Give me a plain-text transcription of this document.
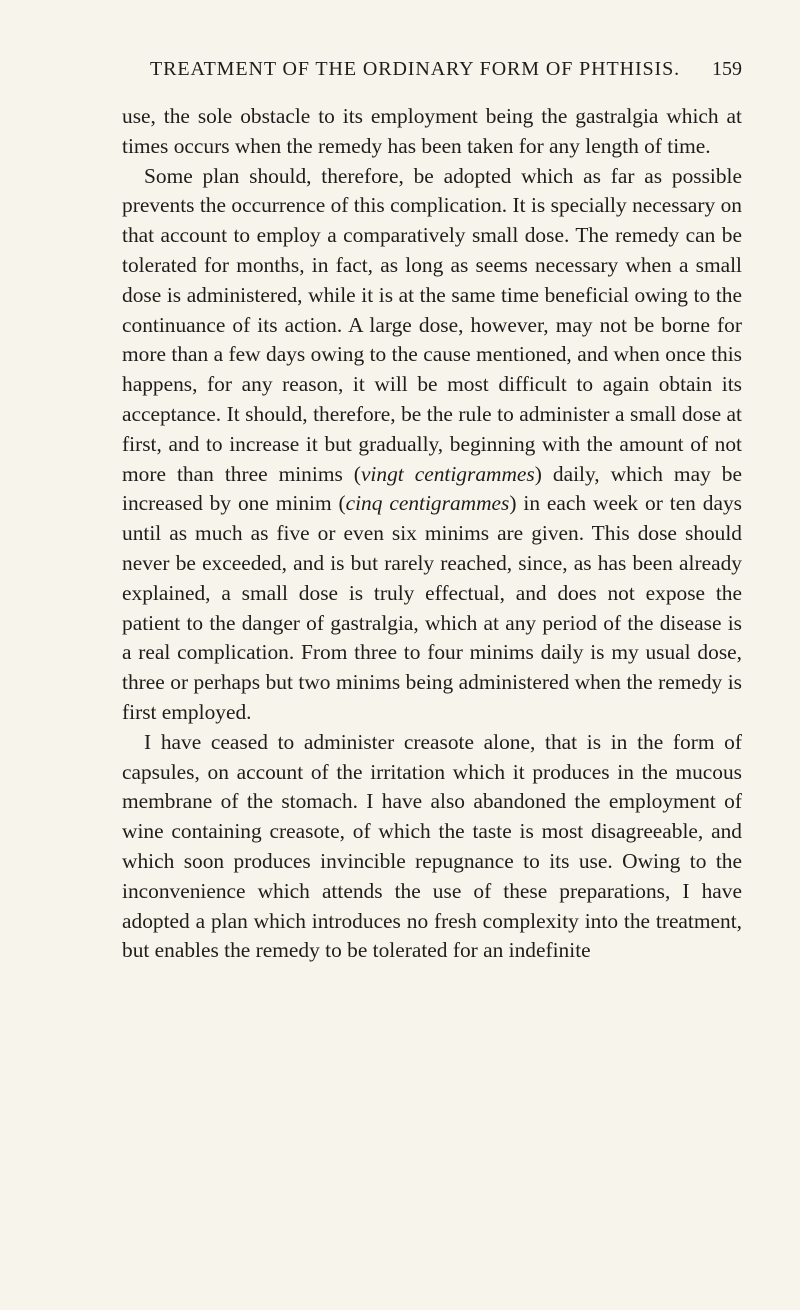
TREATMENT OF THE ORDINARY FORM OF PHTHISIS.	159

use, the sole obstacle to its employment being the gastralgia which at times occurs when the remedy has been taken for any length of time.

Some plan should, therefore, be adopted which as far as possible prevents the occurrence of this complication. It is specially necessary on that account to employ a comparatively small dose. The remedy can be tolerated for months, in fact, as long as seems necessary when a small dose is administered, while it is at the same time beneficial owing to the continuance of its action. A large dose, however, may not be borne for more than a few days owing to the cause mentioned, and when once this happens, for any reason, it will be most difficult to again obtain its acceptance. It should, therefore, be the rule to administer a small dose at first, and to increase it but gradually, beginning with the amount of not more than three minims (vingt centigrammes) daily, which may be increased by one minim (cinq centigrammes) in each week or ten days until as much as five or even six minims are given. This dose should never be exceeded, and is but rarely reached, since, as has been already explained, a small dose is truly effectual, and does not expose the patient to the danger of gastralgia, which at any period of the disease is a real complication. From three to four minims daily is my usual dose, three or perhaps but two minims being administered when the remedy is first employed.

I have ceased to administer creasote alone, that is in the form of capsules, on account of the irritation which it produces in the mucous membrane of the stomach. I have also abandoned the employment of wine containing creasote, of which the taste is most disagreeable, and which soon produces invincible repugnance to its use. Owing to the inconvenience which attends the use of these preparations, I have adopted a plan which introduces no fresh complexity into the treatment, but enables the remedy to be tolerated for an indefinite
